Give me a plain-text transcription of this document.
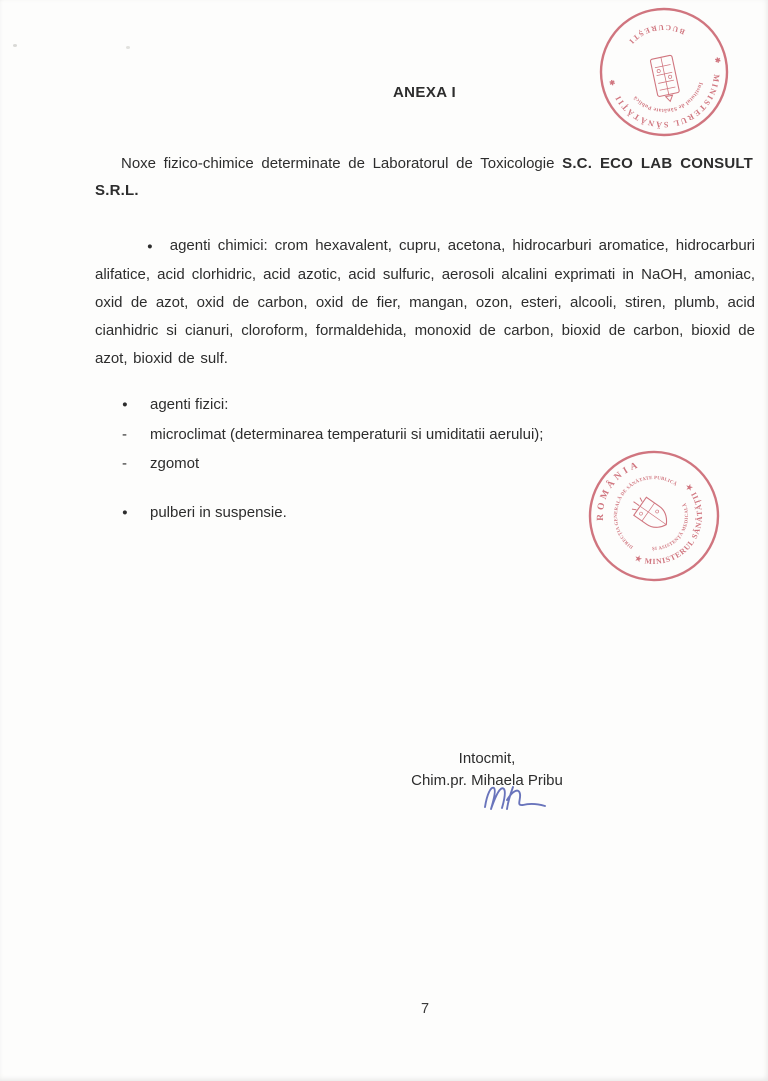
MINISTERUL SĂNĂTĂȚII
BUCUREȘTI
Institutul de Sănătate Publică
✱
✱
ANEXA I

Noxe fizico-chimice determinate de Laboratorul de Toxicologie S.C. ECO LAB CONSULT S.R.L.

● agenti chimici: crom hexavalent, cupru, acetona, hidrocarburi aromatice, hidrocarburi alifatice, acid clorhidric, acid azotic, acid sulfuric, aerosoli alcalini exprimati in NaOH, amoniac, oxid de azot, oxid de carbon, oxid de fier, mangan, ozon, esteri, alcooli, stiren, plumb, acid cianhidric si cianuri, cloroform, formaldehida, monoxid de carbon, bioxid de carbon, bioxid de azot, bioxid de sulf.

●	agenti fizici:
-	microclimat (determinarea temperaturii si umiditatii aerului);
-	zgomot
●	pulberi in suspensie.	ROMÂNIA
★ MINISTERUL SĂNĂTĂȚII ★
DIRECȚIA GENERALĂ DE SĂNĂTATE PUBLICĂ
ȘI ASISTENȚĂ MEDICALĂ
Intocmit,
Chim.pr. Mihaela Pribu
7
